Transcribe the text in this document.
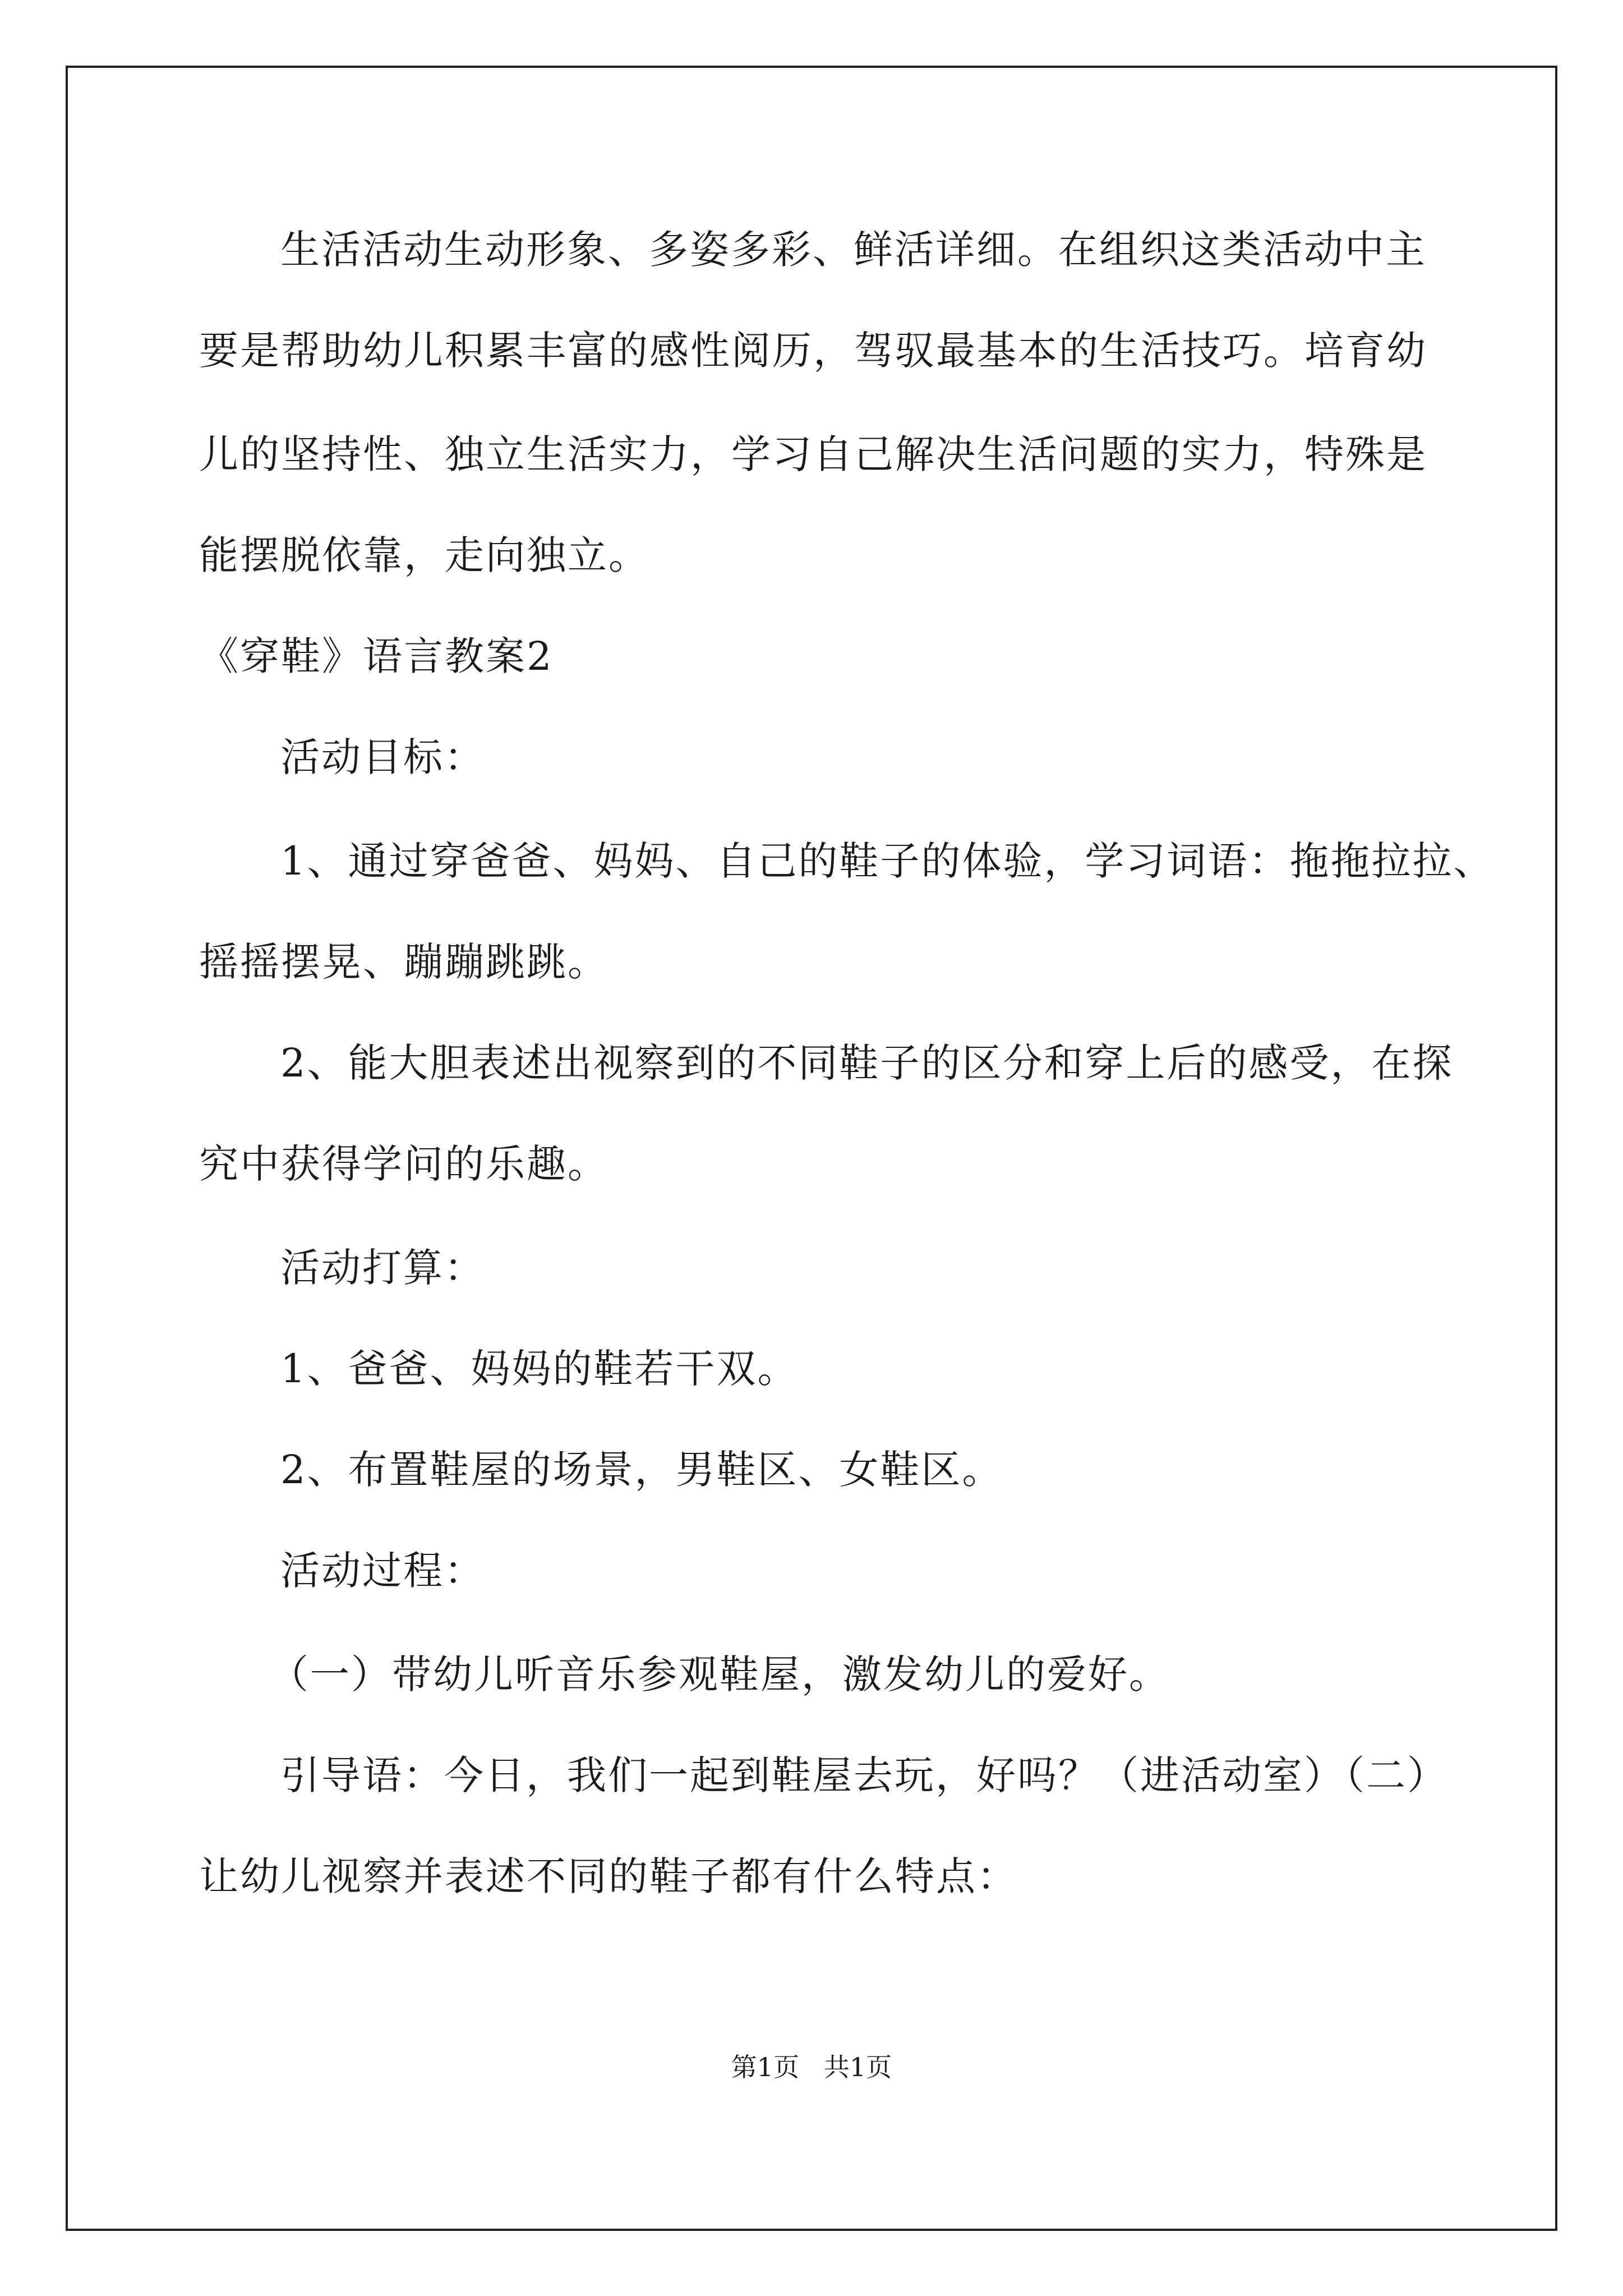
生活活动生动形象、多姿多彩、鲜活详细。在组织这类活动中主
要是帮助幼儿积累丰富的感性阅历，驾驭最基本的生活技巧。培育幼
儿的坚持性、独立生活实力，学习自己解决生活问题的实力，特殊是
能摆脱依靠，走向独立。
《穿鞋》语言教案2
活动目标：
1、通过穿爸爸、妈妈、自己的鞋子的体验，学习词语：拖拖拉拉、
摇摇摆晃、蹦蹦跳跳。
2、能大胆表述出视察到的不同鞋子的区分和穿上后的感受，在探
究中获得学问的乐趣。
活动打算：
1、爸爸、妈妈的鞋若干双。
2、布置鞋屋的场景，男鞋区、女鞋区。
活动过程：
（一）带幼儿听音乐参观鞋屋，激发幼儿的爱好。
引导语：今日，我们一起到鞋屋去玩，好吗？（进活动室）（二）
让幼儿视察并表述不同的鞋子都有什么特点：
第1页   共1页
